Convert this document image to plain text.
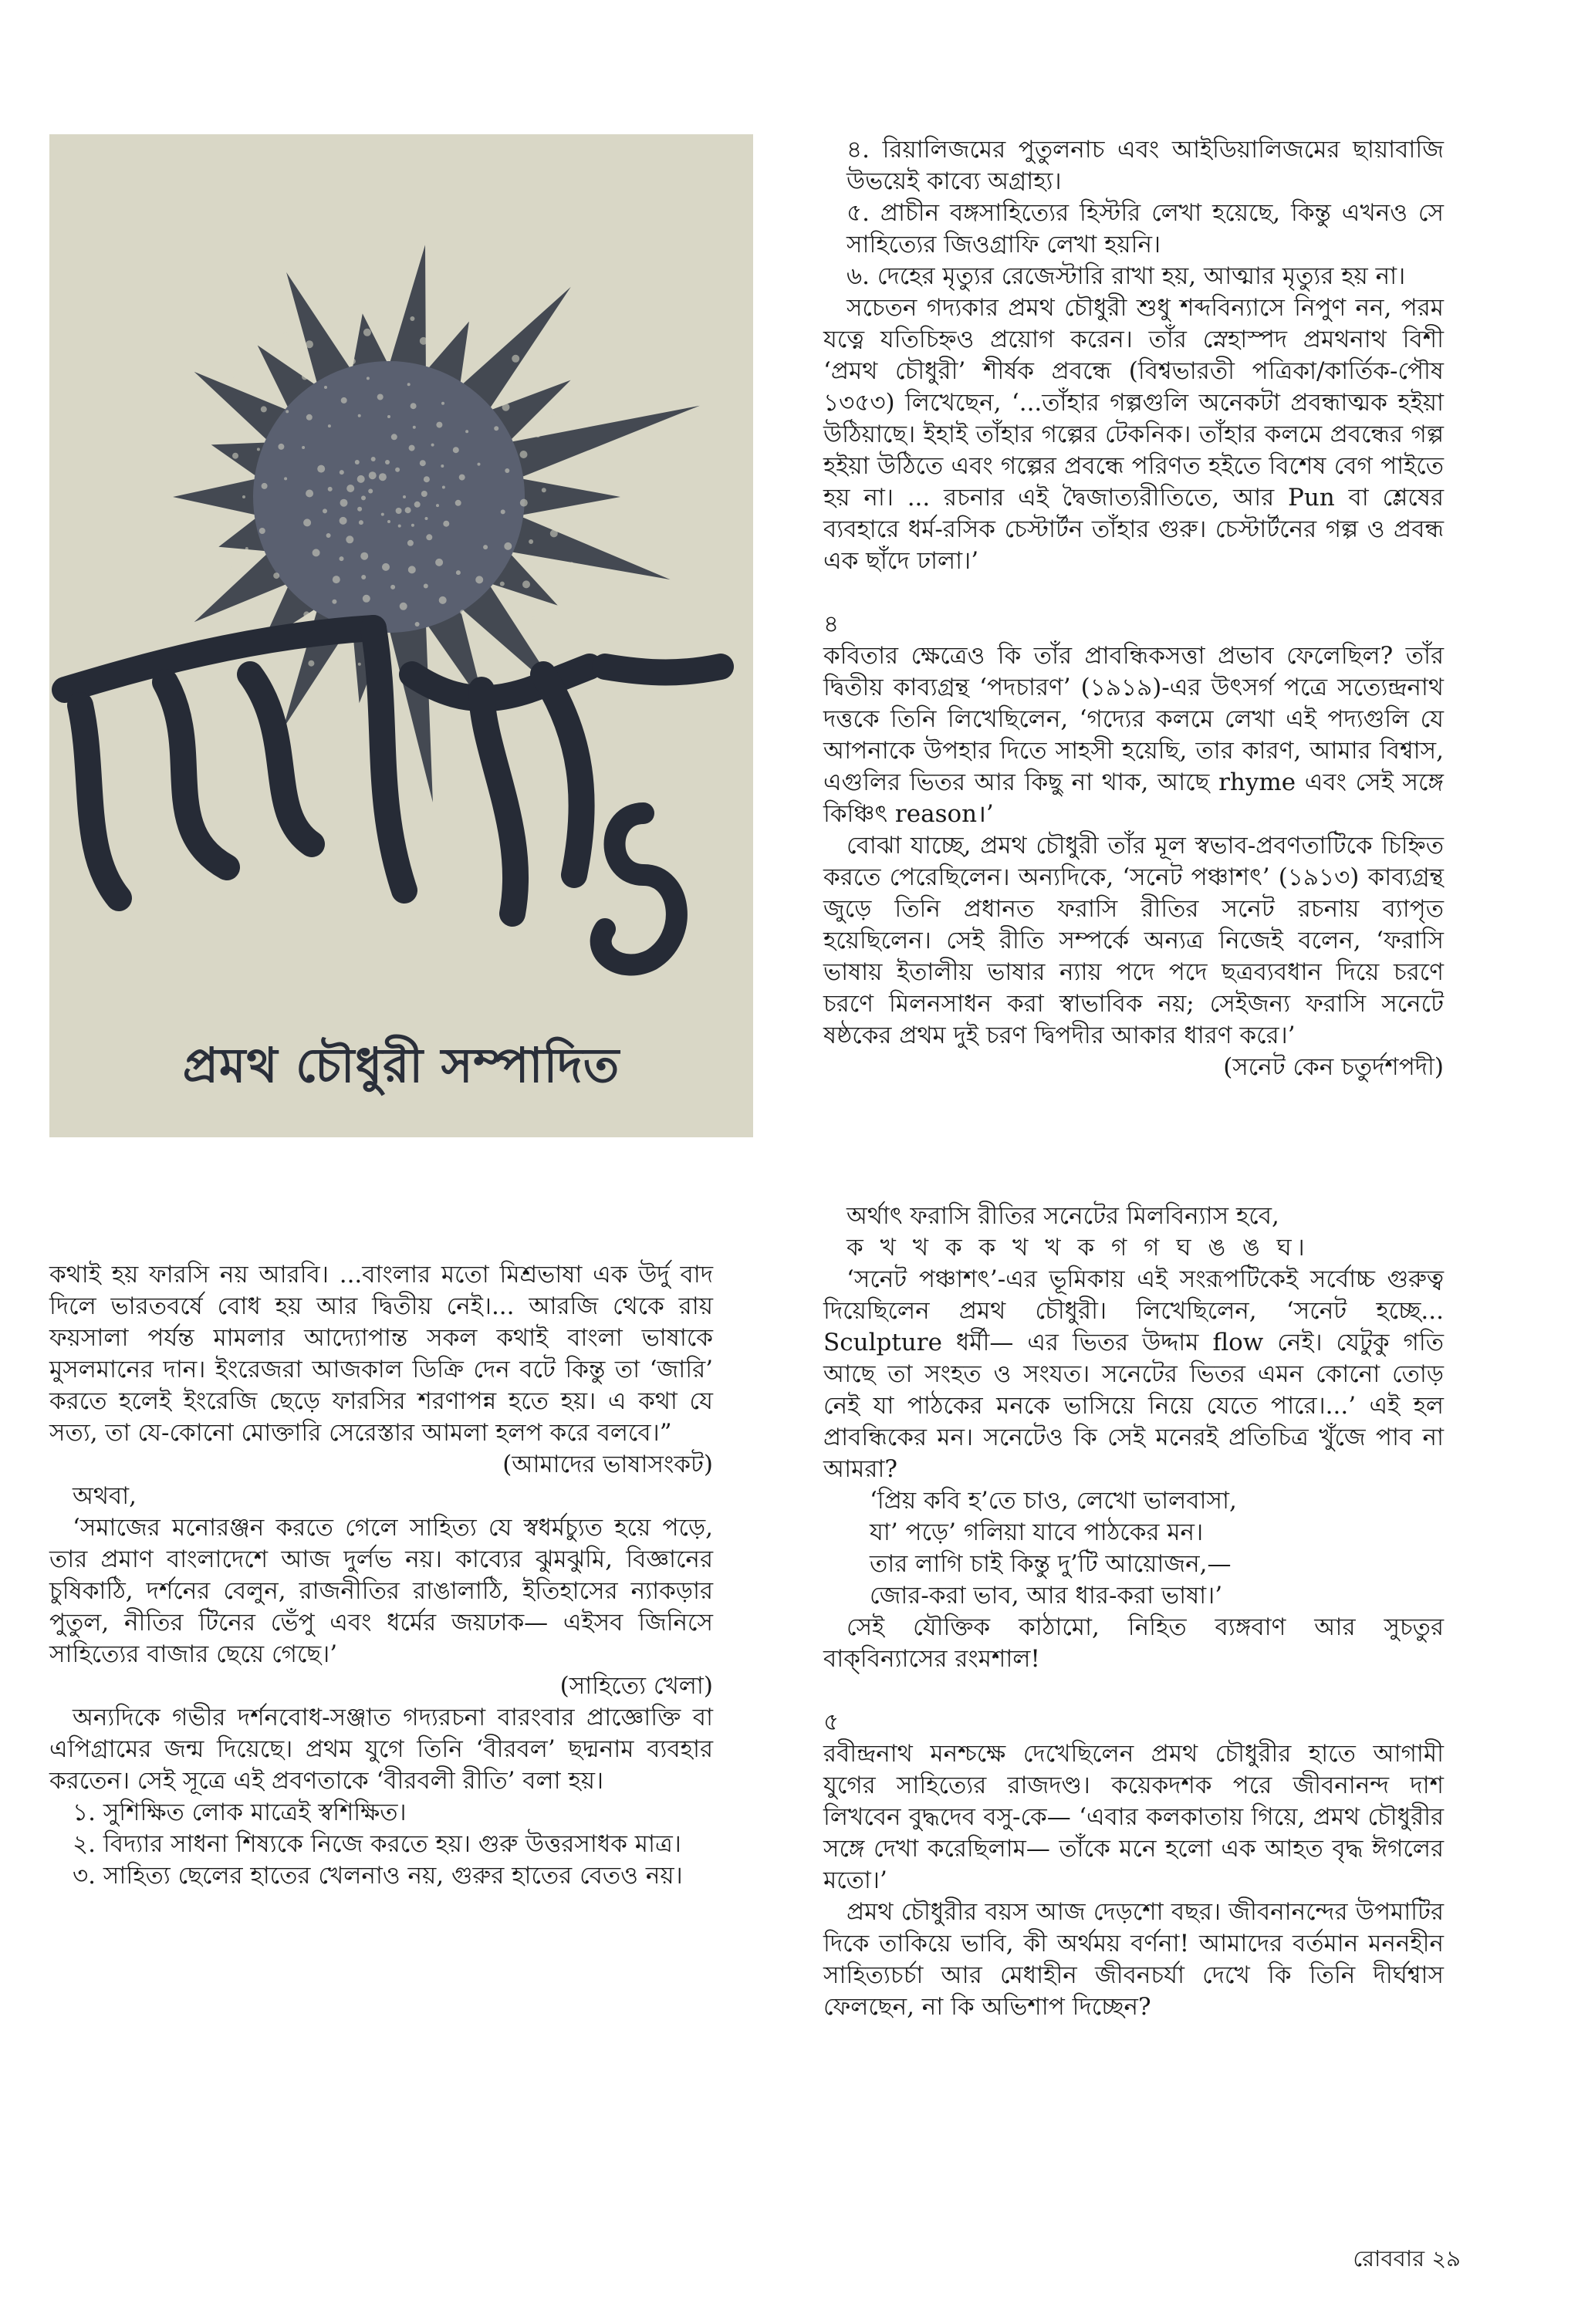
প্রমথ চৌধুরী সম্পাদিত

৪. রিয়ালিজমের পুতুলনাচ এবং আইডিয়ালিজমের ছায়াবাজি উভয়েই কাব্যে অগ্রাহ্য।

৫. প্রাচীন বঙ্গসাহিত্যের হিস্টরি লেখা হয়েছে, কিন্তু এখনও সে সাহিত্যের জিওগ্রাফি লেখা হয়নি।

৬. দেহের মৃত্যুর রেজেস্টারি রাখা হয়, আত্মার মৃত্যুর হয় না।

সচেতন গদ্যকার প্রমথ চৌধুরী শুধু শব্দবিন্যাসে নিপুণ নন, পরম যত্নে যতিচিহ্নও প্রয়োগ করেন। তাঁর স্নেহাস্পদ প্রমথনাথ বিশী ‘প্রমথ চৌধুরী’ শীর্ষক প্রবন্ধে (বিশ্বভারতী পত্রিকা/কার্তিক-পৌষ ১৩৫৩) লিখেছেন, ‘...তাঁহার গল্পগুলি অনেকটা প্রবন্ধাত্মক হইয়া উঠিয়াছে। ইহাই তাঁহার গল্পের টেকনিক। তাঁহার কলমে প্রবন্ধের গল্প হইয়া উঠিতে এবং গল্পের প্রবন্ধে পরিণত হইতে বিশেষ বেগ পাইতে হয় না। ... রচনার এই দ্বৈজাত্যরীতিতে, আর Pun বা শ্লেষের ব্যবহারে ধর্ম-রসিক চেস্টার্টন তাঁহার গুরু। চেস্টার্টনের গল্প ও প্রবন্ধ এক ছাঁদে ঢালা।’

৪

কবিতার ক্ষেত্রেও কি তাঁর প্রাবন্ধিকসত্তা প্রভাব ফেলেছিল? তাঁর দ্বিতীয় কাব্যগ্রন্থ ‘পদচারণ’ (১৯১৯)-এর উৎসর্গ পত্রে সত্যেন্দ্রনাথ দত্তকে তিনি লিখেছিলেন, ‘গদ্যের কলমে লেখা এই পদ্যগুলি যে আপনাকে উপহার দিতে সাহসী হয়েছি, তার কারণ, আমার বিশ্বাস, এগুলির ভিতর আর কিছু না থাক, আছে rhyme এবং সেই সঙ্গে কিঞ্চিৎ reason।’

বোঝা যাচ্ছে, প্রমথ চৌধুরী তাঁর মূল স্বভাব-প্রবণতাটিকে চিহ্নিত করতে পেরেছিলেন। অন্যদিকে, ‘সনেট পঞ্চাশৎ’ (১৯১৩) কাব্যগ্রন্থ জুড়ে তিনি প্রধানত ফরাসি রীতির সনেট রচনায় ব্যাপৃত হয়েছিলেন। সেই রীতি সম্পর্কে অন্যত্র নিজেই বলেন, ‘ফরাসি ভাষায় ইতালীয় ভাষার ন্যায় পদে পদে ছত্রব্যবধান দিয়ে চরণে চরণে মিলনসাধন করা স্বাভাবিক নয়; সেইজন্য ফরাসি সনেটে ষষ্ঠকের প্রথম দুই চরণ দ্বিপদীর আকার ধারণ করে।’

(সনেট কেন চতুর্দশপদী)

অর্থাৎ ফরাসি রীতির সনেটের মিলবিন্যাস হবে,

ক খ খ ক ক খ খ ক গ গ ঘ ঙ ঙ ঘ।

‘সনেট পঞ্চাশৎ’-এর ভূমিকায় এই সংরূপটিকেই সর্বোচ্চ গুরুত্ব দিয়েছিলেন প্রমথ চৌধুরী। লিখেছিলেন, ‘সনেট হচ্ছে... Sculpture ধর্মী— এর ভিতর উদ্দাম flow নেই। যেটুকু গতি আছে তা সংহত ও সংযত। সনেটের ভিতর এমন কোনো তোড় নেই যা পাঠকের মনকে ভাসিয়ে নিয়ে যেতে পারে।...’ এই হল প্রাবন্ধিকের মন। সনেটেও কি সেই মনেরই প্রতিচিত্র খুঁজে পাব না আমরা?

‘প্রিয় কবি হ’তে চাও, লেখো ভালবাসা,

যা’ পড়ে’ গলিয়া যাবে পাঠকের মন।

তার লাগি চাই কিন্তু দু’টি আয়োজন,—

জোর-করা ভাব, আর ধার-করা ভাষা।’

সেই যৌক্তিক কাঠামো, নিহিত ব্যঙ্গবাণ আর সুচতুর বাক্‌বিন্যাসের রংমশাল!

৫

রবীন্দ্রনাথ মনশ্চক্ষে দেখেছিলেন প্রমথ চৌধুরীর হাতে আগামী যুগের সাহিত্যের রাজদণ্ড। কয়েকদশক পরে জীবনানন্দ দাশ লিখবেন বুদ্ধদেব বসু-কে— ‘এবার কলকাতায় গিয়ে, প্রমথ চৌধুরীর সঙ্গে দেখা করেছিলাম— তাঁকে মনে হলো এক আহত বৃদ্ধ ঈগলের মতো।’

প্রমথ চৌধুরীর বয়স আজ দেড়শো বছর। জীবনানন্দের উপমাটির দিকে তাকিয়ে ভাবি, কী অর্থময় বর্ণনা! আমাদের বর্তমান মননহীন সাহিত্যচর্চা আর মেধাহীন জীবনচর্যা দেখে কি তিনি দীর্ঘশ্বাস ফেলছেন, না কি অভিশাপ দিচ্ছেন?

কথাই হয় ফারসি নয় আরবি। ...বাংলার মতো মিশ্রভাষা এক উর্দু বাদ দিলে ভারতবর্ষে বোধ হয় আর দ্বিতীয় নেই।... আরজি থেকে রায় ফয়সালা পর্যন্ত মামলার আদ্যোপান্ত সকল কথাই বাংলা ভাষাকে মুসলমানের দান। ইংরেজরা আজকাল ডিক্রি দেন বটে কিন্তু তা ‘জারি’ করতে হলেই ইংরেজি ছেড়ে ফারসির শরণাপন্ন হতে হয়। এ কথা যে সত্য, তা যে-কোনো মোক্তারি সেরেস্তার আমলা হলপ করে বলবে।”

(আমাদের ভাষাসংকট)

অথবা,

‘সমাজের মনোরঞ্জন করতে গেলে সাহিত্য যে স্বধর্মচ্যুত হয়ে পড়ে, তার প্রমাণ বাংলাদেশে আজ দুর্লভ নয়। কাব্যের ঝুমঝুমি, বিজ্ঞানের চুষিকাঠি, দর্শনের বেলুন, রাজনীতির রাঙালাঠি, ইতিহাসের ন্যাকড়ার পুতুল, নীতির টিনের ভেঁপু এবং ধর্মের জয়ঢাক— এইসব জিনিসে সাহিত্যের বাজার ছেয়ে গেছে।’

(সাহিত্যে খেলা)

অন্যদিকে গভীর দর্শনবোধ-সঞ্জাত গদ্যরচনা বারংবার প্রাজ্ঞোক্তি বা এপিগ্রামের জন্ম দিয়েছে। প্রথম যুগে তিনি ‘বীরবল’ ছদ্মনাম ব্যবহার করতেন। সেই সূত্রে এই প্রবণতাকে ‘বীরবলী রীতি’ বলা হয়।

১. সুশিক্ষিত লোক মাত্রেই স্বশিক্ষিত।

২. বিদ্যার সাধনা শিষ্যকে নিজে করতে হয়। গুরু উত্তরসাধক মাত্র।

৩. সাহিত্য ছেলের হাতের খেলনাও নয়, গুরুর হাতের বেতও নয়।

রোববার ২৯
